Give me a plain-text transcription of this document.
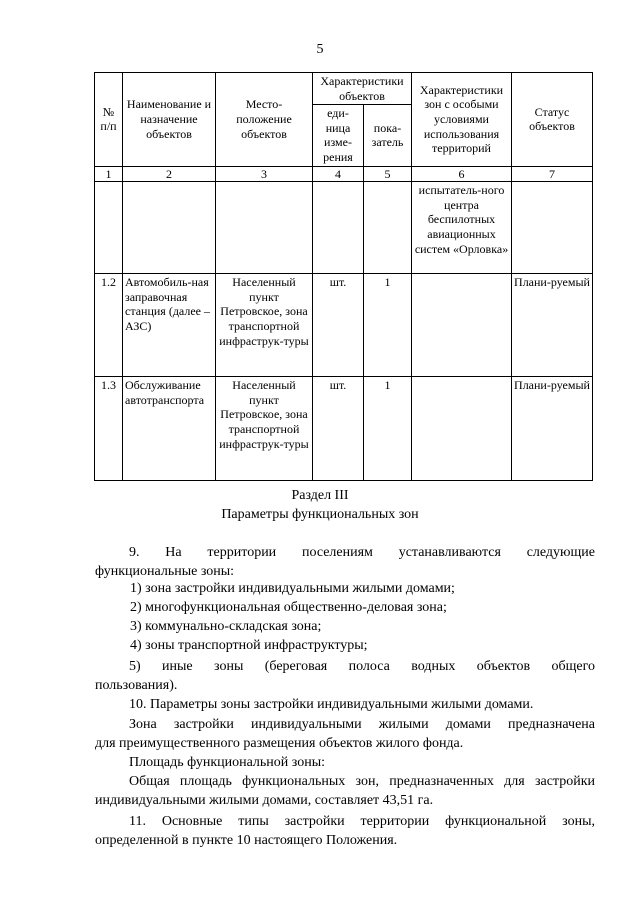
5
№ п/п	Наименование и назначение объектов	Место-положение объектов	Характеристики объектов		Характеристики зон с особыми условиями использования территорий	Статус объектов
			еди-ница изме-рения	пока-затель		
1	2	3	4	5	6	7
					испытатель-ного центра беспилотных авиационных систем «Орловка»	
1.2	Автомобиль-ная заправочная станция (далее – АЗС)	Населенный пункт Петровское, зона транспортной инфраструк-туры	шт.	1		Плани-руемый
1.3	Обслуживание автотранспорта	Населенный пункт Петровское, зона транспортной инфраструк-туры	шт.	1		Плани-руемый
Раздел III
Параметры функциональных зон

9. На территории поселениям устанавливаются следующие

функциональные зоны:

1) зона застройки индивидуальными жилыми домами;
2) многофункциональная общественно-деловая зона;
3) коммунально-складская зона;
4) зоны транспортной инфраструктуры;

5) иные зоны (береговая полоса водных объектов общего

пользования).

10. Параметры зоны застройки индивидуальными жилыми домами.

Зона застройки индивидуальными жилыми домами предназначена

для преимущественного размещения объектов жилого фонда.

Площадь функциональной зоны:

Общая площадь функциональных зон, предназначенных для застройки

индивидуальными жилыми домами, составляет 43,51 га.

11. Основные типы застройки территории функциональной зоны,

определенной в пункте 10 настоящего Положения.
